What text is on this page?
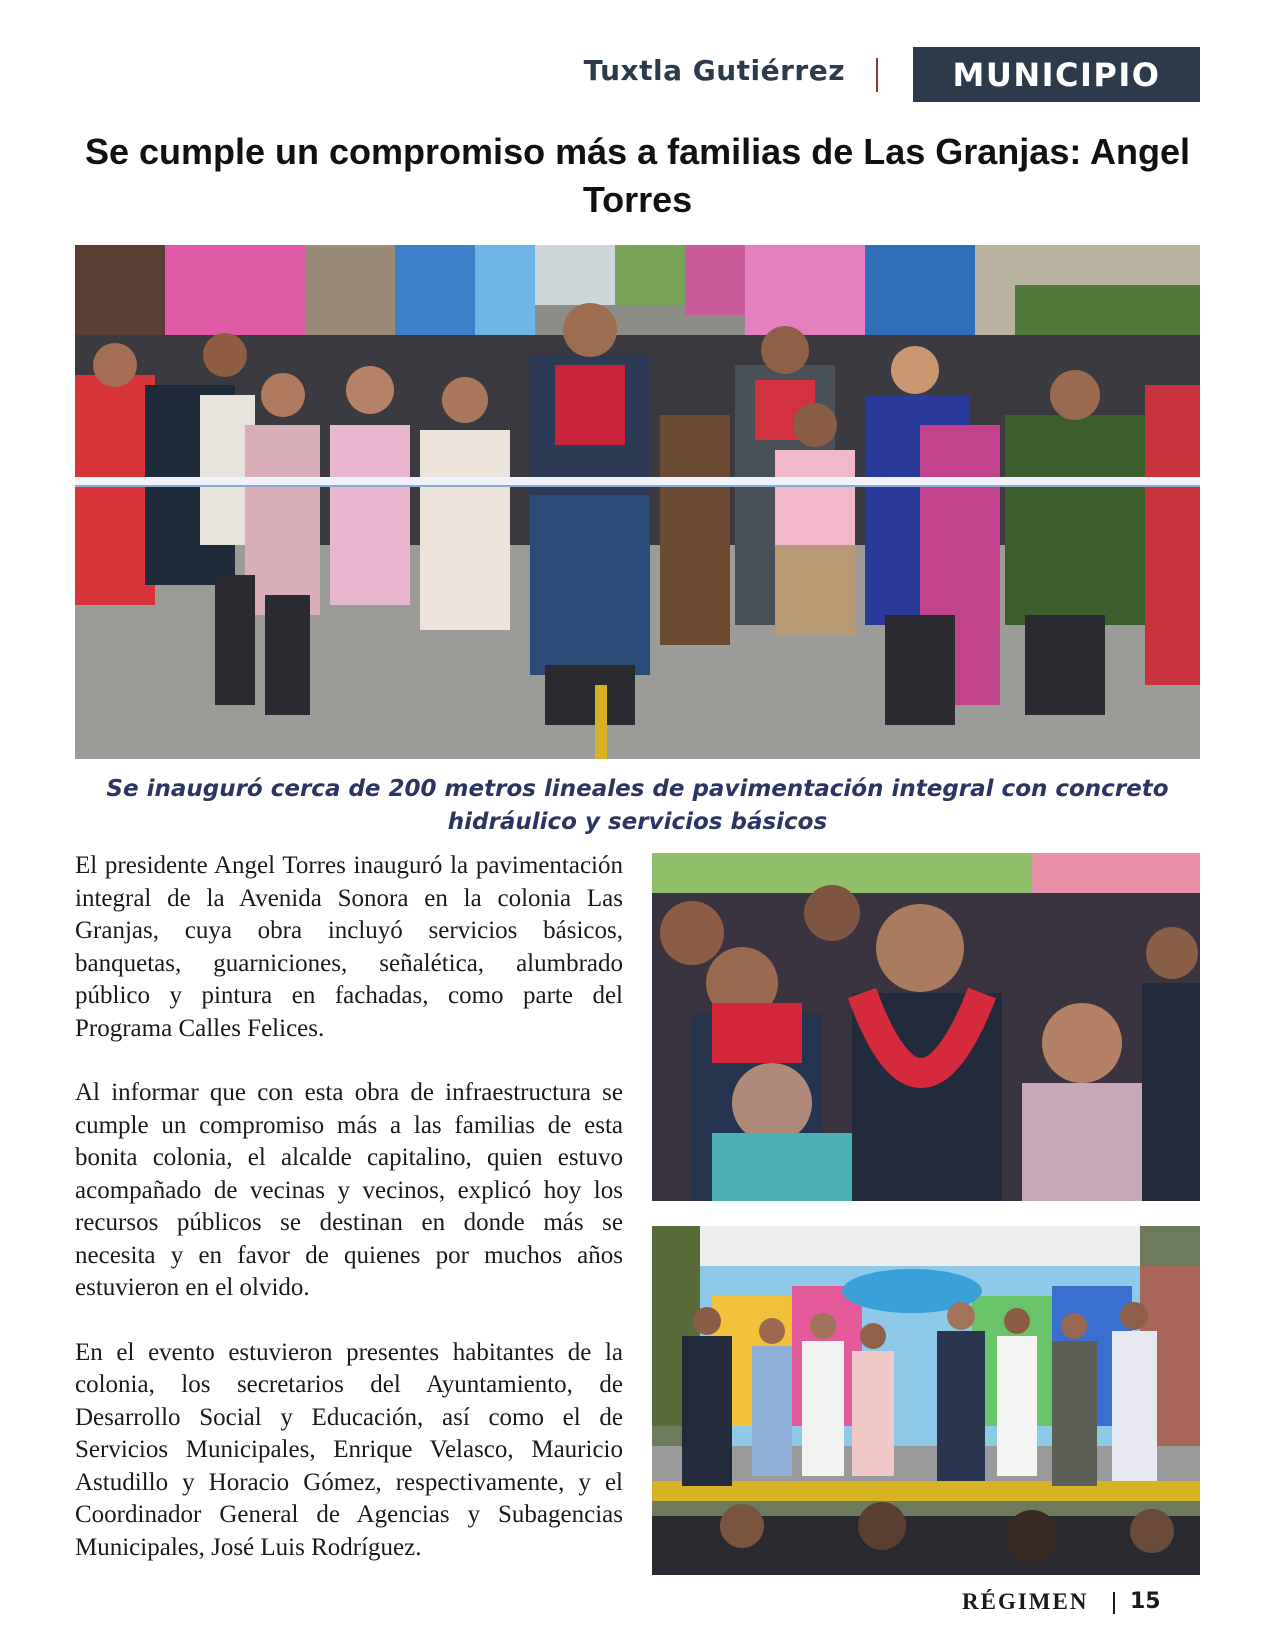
Tuxtla Gutiérrez	MUNICIPIO
Se cumple un compromiso más a familias de Las Granjas: Angel Torres

Se inauguró cerca de 200 metros lineales de pavimentación integral con concreto hidráulico y servicios básicos

El presidente Angel Torres inauguró la pavimentación integral de la Avenida Sonora en la colonia Las Granjas, cuya obra incluyó servicios básicos, banquetas, guarniciones, señalética, alumbrado público y pintura en fachadas, como parte del Programa Calles Felices.

Al informar que con esta obra de infraestructura se cumple un compromiso más a las familias de esta bonita colonia, el alcalde capitalino, quien estuvo acompañado de vecinas y vecinos, explicó hoy los recursos públicos se destinan en donde más se necesita y en favor de quienes por muchos años estuvieron en el olvido.

En el evento estuvieron presentes habitantes de la colonia, los secretarios del Ayuntamiento, de Desarrollo Social y Educación, así como el de Servicios Municipales, Enrique Velasco, Mauricio Astudillo y Horacio Gómez, respectivamente, y el Coordinador General de Agencias y Subagencias Municipales, José Luis Rodríguez.

RÉGIMEN 15
